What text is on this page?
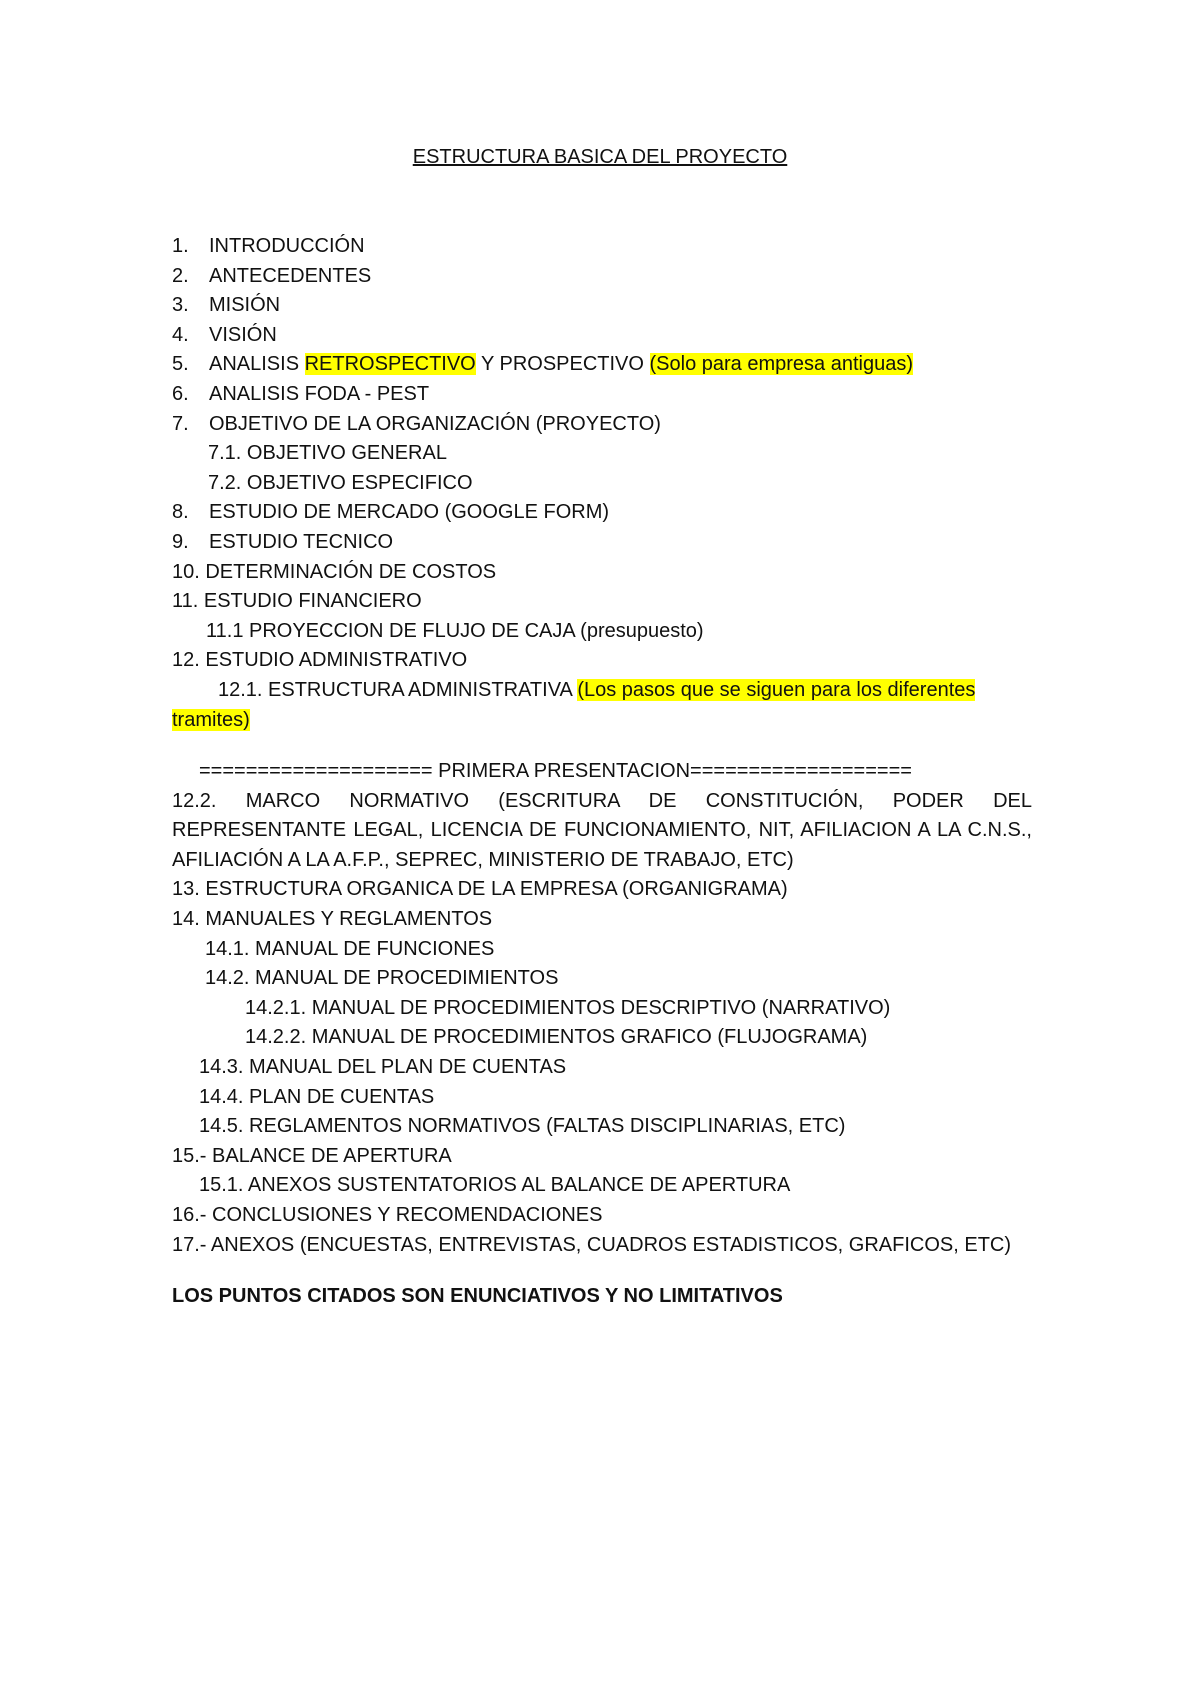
ESTRUCTURA BASICA DEL PROYECTO
1. INTRODUCCIÓN
2. ANTECEDENTES
3. MISIÓN
4. VISIÓN
5. ANALISIS RETROSPECTIVO Y PROSPECTIVO (Solo para empresa antiguas)
6. ANALISIS FODA - PEST
7. OBJETIVO DE LA ORGANIZACIÓN (PROYECTO)
7.1. OBJETIVO GENERAL
7.2. OBJETIVO ESPECIFICO
8. ESTUDIO DE MERCADO (GOOGLE FORM)
9. ESTUDIO TECNICO
10. DETERMINACIÓN DE COSTOS
11. ESTUDIO FINANCIERO
11.1 PROYECCION DE FLUJO DE CAJA (presupuesto)
12. ESTUDIO ADMINISTRATIVO
12.1. ESTRUCTURA ADMINISTRATIVA (Los pasos que se siguen para los diferentes tramites)
==================== PRIMERA PRESENTACION===================
12.2. MARCO NORMATIVO (ESCRITURA DE CONSTITUCIÓN, PODER DEL REPRESENTANTE LEGAL, LICENCIA DE FUNCIONAMIENTO, NIT, AFILIACION A LA C.N.S., AFILIACIÓN A LA A.F.P., SEPREC, MINISTERIO DE TRABAJO, ETC)
13. ESTRUCTURA ORGANICA DE LA EMPRESA (ORGANIGRAMA)
14. MANUALES Y REGLAMENTOS
14.1. MANUAL DE FUNCIONES
14.2. MANUAL DE PROCEDIMIENTOS
14.2.1. MANUAL DE PROCEDIMIENTOS DESCRIPTIVO (NARRATIVO)
14.2.2. MANUAL DE PROCEDIMIENTOS GRAFICO (FLUJOGRAMA)
14.3. MANUAL DEL PLAN DE CUENTAS
14.4. PLAN DE CUENTAS
14.5. REGLAMENTOS NORMATIVOS (FALTAS DISCIPLINARIAS, ETC)
15.- BALANCE DE APERTURA
15.1. ANEXOS SUSTENTATORIOS AL BALANCE DE APERTURA
16.- CONCLUSIONES Y RECOMENDACIONES
17.- ANEXOS (ENCUESTAS, ENTREVISTAS, CUADROS ESTADISTICOS, GRAFICOS, ETC)
LOS PUNTOS CITADOS SON ENUNCIATIVOS Y NO LIMITATIVOS
